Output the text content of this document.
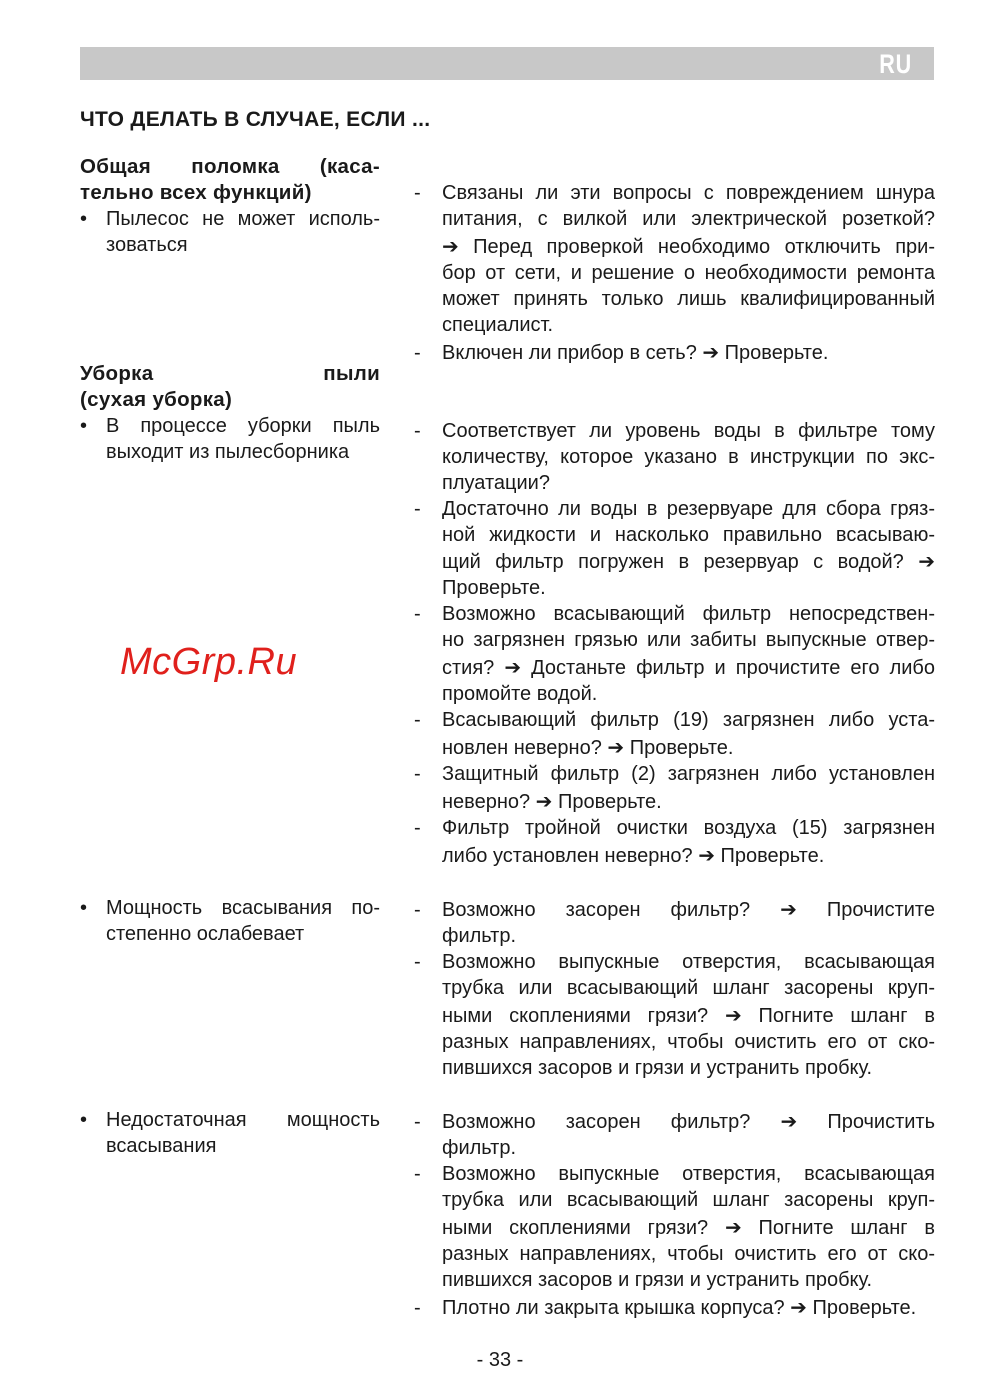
RU
ЧТО ДЕЛАТЬ В СЛУЧАЕ, ЕСЛИ ...
Общая поломка (каса-
тельно всех функций)
• Пылесос не может исполь-
зоваться
Уборка пыли
(сухая уборка)
• В процессе уборки пыль
выходит из пылесборника
• Мощность всасывания по-
степенно ослабевает
• Недостаточная мощность
всасывания
- Связаны ли эти вопросы с повреждением шнура
питания, с вилкой или электрической розеткой?
➔ Перед проверкой необходимо отключить при-
бор от сети, и решение о необходимости ремонта
может принять только лишь квалифицированный
специалист.
- Включен ли прибор в сеть? ➔ Проверьте.
- Соответствует ли уровень воды в фильтре тому
количеству, которое указано в инструкции по экс-
плуатации?
- Достаточно ли воды в резервуаре для сбора гряз-
ной жидкости и насколько правильно всасываю-
щий фильтр погружен в резервуар с водой? ➔
Проверьте.
- Возможно всасывающий фильтр непосредствен-
но загрязнен грязью или забиты выпускные отвер-
стия? ➔ Достаньте фильтр и прочистите его либо
промойте водой.
- Всасывающий фильтр (19) загрязнен либо уста-
новлен неверно? ➔ Проверьте.
- Защитный фильтр (2) загрязнен либо установлен
неверно? ➔ Проверьте.
- Фильтр тройной очистки воздуха (15) загрязнен
либо установлен неверно? ➔ Проверьте.
- Возможно засорен фильтр? ➔ Прочистите
фильтр.
- Возможно выпускные отверстия, всасывающая
трубка или всасывающий шланг засорены круп-
ными скоплениями грязи? ➔ Погните шланг в
разных направлениях, чтобы очистить его от ско-
пившихся засоров и грязи и устранить пробку.
- Возможно засорен фильтр? ➔ Прочистить
фильтр.
- Возможно выпускные отверстия, всасывающая
трубка или всасывающий шланг засорены круп-
ными скоплениями грязи? ➔ Погните шланг в
разных направлениях, чтобы очистить его от ско-
пившихся засоров и грязи и устранить пробку.
- Плотно ли закрыта крышка корпуса? ➔ Проверьте.
McGrp.Ru
- 33 -
